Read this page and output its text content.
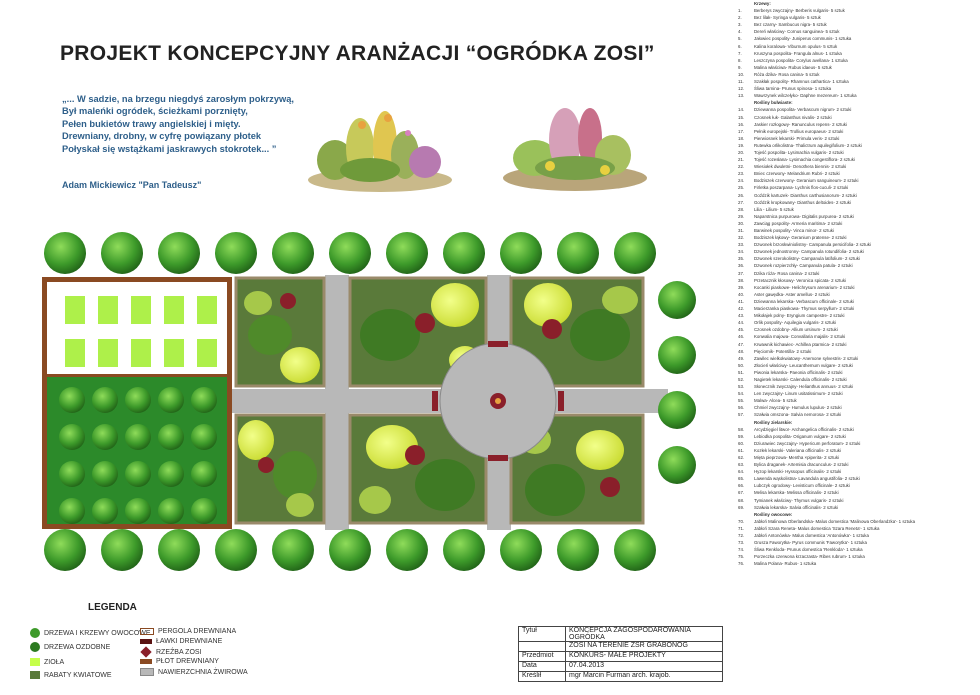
PROJEKT KONCEPCYJNY ARANŻACJI “OGRÓDKA ZOSI”
„... W sadzie, na brzegu niegdyś zarosłym pokrzywą,
Był maleńki ogródek, ścieżkami porznięty,
Pełen bukietów trawy angielskiej i mięty.
Drewniany, drobny, w cyfrę powiązany płotek
Połyskał się wstążkami jaskrawych stokrotek... ”
Adam Mickiewicz "Pan Tadeusz"
LEGENDA
DRZEWA I KRZEWY OWOCOWE
DRZEWA OZDOBNE
ZIOŁA
RABATY KWIATOWE
PERGOLA DREWNIANA
ŁAWKI DREWNIANE
RZEŹBA ZOSI
PŁOT DREWNIANY
NAWIERZCHNIA ŻWIROWA
Tytuł	KONCEPCJA ZAGOSPODAROWANIA OGRÓDKA
	ZOSI NA TERENIE ZSR GRABONOG
Przedmiot	KONKURS- MAŁE PROJEKTY
Data	07.04.2013
Kreślił	mgr Marcin Furman arch. krajob.
Krzewy:
1.	Berberys zwyczajny- Berberis vulgaris- 5 sztuk
2.	Bez lilak- Syringa vulgaris- 5 sztuk
3.	Bez czarny- Sambucus nigra- 5 sztuk
4.	Dereń właściwy- Cornus sanguinea- 5 sztuk
5.	Jałowiec pospolity- Juniperus communis- 1 sztuka
6.	Kalina koralowa- Viburnum opulus- 5 sztuk
7.	Kruszyna pospolita- Frangula alnus- 1 sztuka
8.	Leszczyna pospolita- Corylus avellana- 1 sztuka
9.	Malina właściwa- Rubus idaeus- 5 sztuk
10. Róża dzika- Rosa canina- 5 sztuk
11. Szakłak pospolity- Rhamnus cathartica- 1 sztuka
12. Śliwa tarnina- Prunus spinosa- 1 sztuka
13. Wawrzynek wilczełyko- Daphne mezereum- 1 sztuka
Rośliny bulwiaste:
14. Dziewanna pospolita- Verbascum nigrum- 2 sztuki
15. Czosnek łuk- Galanthus nivalis- 2 sztuki
16. Jaskier rozłogowy- Ranunculus repens- 2 sztuki
17. Pełnik europejski- Trollius europaeus- 2 sztuki
18. Pierwiosnek lekarski- Primula veris- 2 sztuki
19. Rutewka orlikolistna- Thalictrum aquilegifolium- 2 sztuki
20. Tojeść pospolita- Lysimachia vulgaris- 2 sztuki
21. Tojeść rozesłana- Lysimachia congestiflora- 2 sztuki
22. Wiesiołek dwuletni- Oenothera biennis- 2 sztuki
23. Bniec czerwony- Melandrium Rubri- 2 sztuki
24. Bodziszek czerwony- Geranium sanguineum- 2 sztuki
25. Firletka poszarpana- Lychnis flos-cuculi- 2 sztuki
26. Goździk kartuzek- Dianthus carthusianorum- 2 sztuki
27. Goździk kropkowany- Dianthus deltoides- 2 sztuki
28. Lilia - Lilium- 5 sztuk
29. Naparstnica purpurowa- Digitalis purpurea- 2 sztuki
30. Zawciąg pospolity- Armeria maritima- 2 sztuki
31. Barwinek pospolity- Vinca minor- 2 sztuki
32. Bodziszek łąkowy- Geranium pratense- 2 sztuki
33. Dzwonek brzoskwiniolistny- Campanula persicifolia- 2 sztuki
34. Dzwonek jednostronny- Campanula rotundifolia- 2 sztuki
35. Dzwonek szerokolistny- Campanula latifolium- 2 sztuki
36. Dzwonek rozpierzchły- Campanula patula- 2 sztuki
37. Dzika róża- Rosa canina- 2 sztuki
38. Przetacznik kłosowy- Veronica spicata- 2 sztuki
39. Kocanki piaskowe- Helichrysum arenarium- 2 sztuki
40. Aster gawędka- Aster amellus- 2 sztuki
41. Dziewanna lekarska- Verbascum officinale- 2 sztuki
42. Macierzanka piaskowa- Thymus serpyllum- 2 sztuki
43. Mikołajek polny- Eryngium campestre- 2 sztuki
44. Orlik pospolity- Aquilegia vulgaris- 2 sztuki
45. Czosnek ozdobny- Allium ursinum- 2 sztuki
46. Konwalia majowa- Convallaria majalis- 2 sztuki
47. Krwawnik kichawiec- Achillea ptarmica- 2 sztuki
48. Pięciornik- Potentilla- 2 sztuki
49. Zawilec wielkokwiatowy- Anemone sylvestris- 2 sztuki
50. Złocień właściwy- Leucanthemum vulgare- 2 sztuki
51. Piwonia lekarska- Paeonia officinalis- 2 sztuki
52. Nagietek lekarski- Calendula officinalis- 2 sztuki
53. Słonecznik zwyczajny- Helianthus annuus- 2 sztuki
54. Len zwyczajny- Linum usitatissimum- 2 sztuki
55. Malwa- Alcea- 5 sztuk
56. Chmiel zwyczajny- Humulus lupulus- 2 sztuki
57. Szałwia omszona- Salvia nemorosa- 2 sztuki
Rośliny zielarskie:
58. Arcydzięgiel litwor- Archangelica officinalis- 2 sztuki
59. Lebiodka pospolita- Origanum vulgare- 2 sztuki
60. Dziurawiec zwyczajny- Hypericum perforatum- 2 sztuki
61. Kozłek lekarski- Valeriana officinalis- 2 sztuki
62. Mięta pieprzowa- Mentha ×piperita- 2 sztuki
63. Bylica draganek- Artemisia dracunculus- 2 sztuki
64. Hyzop lekarski- Hyssopus officinalis- 2 sztuki
65. Lawenda wąskolistna- Lavandula angustifolia- 2 sztuki
66. Lubczyk ogrodowy- Levisticum officinale- 2 sztuki
67. Melisa lekarska- Melissa officinalis- 2 sztuki
68. Tymianek właściwy- Thymus vulgaris- 2 sztuki
69. Szałwia lekarska- Salvia officinalis- 2 sztuki
Rośliny owocowe:
70. Jabłoń Malinowa Oberlandska- Malus domestica 'Malinowa Oberlandzka'- 1 sztuka
71. Jabłoń Szara Reneta- Malus domestica 'Szara Reneta'- 1 sztuka
72. Jabłoń Antonówka- Malus domestica 'Antonówka'- 1 sztuka
73. Grusza Faworytka- Pyrus communis 'Faworytka'- 1 sztuka
74. Śliwa Renkloda- Prunus domestica 'Renkloda'- 1 sztuka
75. Porzeczka czerwona krzaczasta- Ribes rubrum- 1 sztuka
76. Malina Polana- Rubus- 1 sztuka
